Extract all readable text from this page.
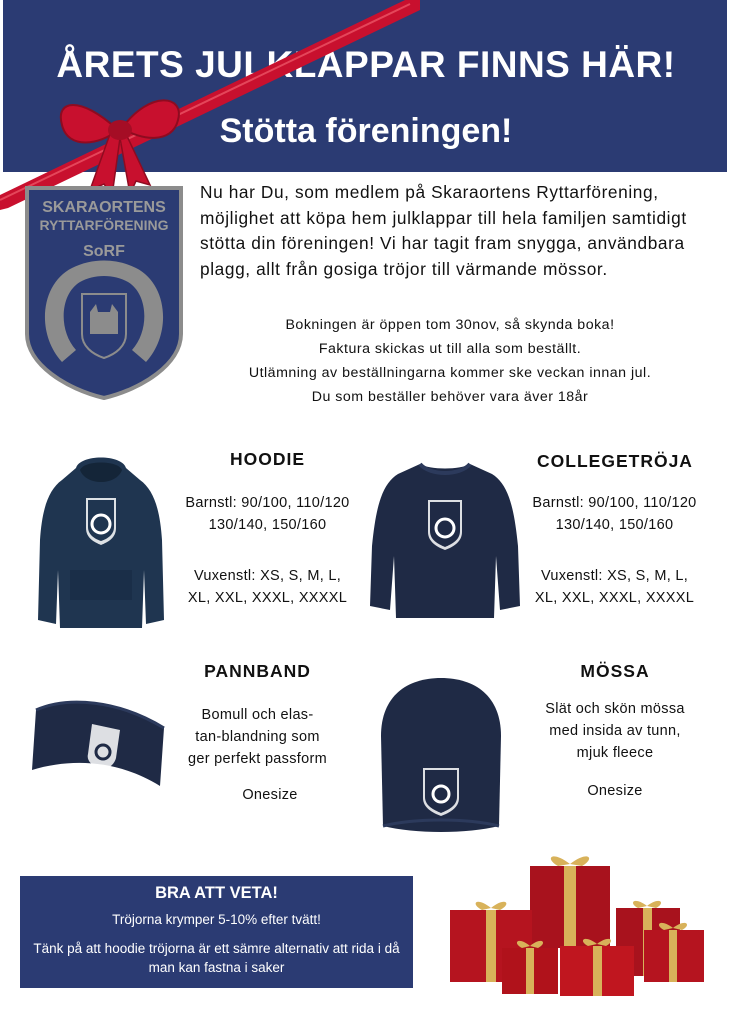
ÅRETS JULKLAPPAR FINNS HÄR!
Stötta föreningen!
SKARAORTENS
RYTTARFÖRENING
SoRF

Nu har Du, som medlem på Skaraortens Ryttarförening, möjlighet att köpa hem julklappar till hela familjen samtidigt stötta din föreningen! Vi har tagit fram snygga, användbara plagg, allt från gosiga tröjor till värmande mössor.

Bokningen är öppen tom 30nov, så skynda boka!
Faktura skickas ut till alla som beställt.
Utlämning av beställningarna kommer ske veckan innan jul.
Du som beställer behöver vara äver 18år
HOODIE
Barnstl: 90/100, 110/120
130/140, 150/160
Vuxenstl: XS, S, M, L,
XL, XXL, XXXL, XXXXL
COLLEGETRÖJA
Barnstl: 90/100, 110/120
130/140, 150/160
Vuxenstl: XS, S, M, L,
XL, XXL, XXXL, XXXXL
PANNBAND
Bomull och elas-
tan-blandning som
ger perfekt passform
Onesize
MÖSSA
Slät och skön mössa
med insida av tunn,
mjuk fleece
Onesize
BRA ATT VETA!
Tröjorna krymper 5-10% efter tvätt!
Tänk på att hoodie tröjorna är ett sämre alternativ att rida i då man kan fastna i saker
